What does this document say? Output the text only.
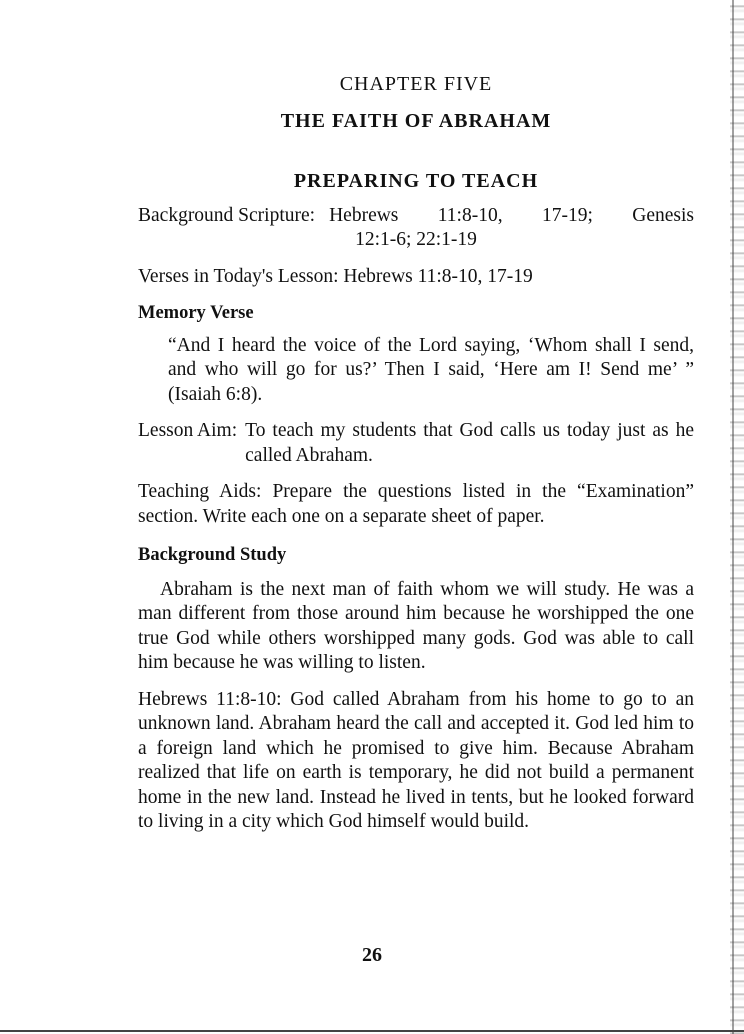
CHAPTER FIVE
THE FAITH OF ABRAHAM
PREPARING TO TEACH
Background Scripture: Hebrews 11:8-10, 17-19; Genesis
12:1-6; 22:1-19
Verses in Today's Lesson: Hebrews 11:8-10, 17-19
Memory Verse
“And I heard the voice of the Lord saying, ‘Whom shall I send, and who will go for us?’ Then I said, ‘Here am I! Send me’ ” (Isaiah 6:8).
Lesson Aim: To teach my students that God calls us today just as he called Abraham.
Teaching Aids: Prepare the questions listed in the “Examination” section. Write each one on a separate sheet of paper.
Background Study
Abraham is the next man of faith whom we will study. He was a man different from those around him because he worshipped the one true God while others worshipped many gods. God was able to call him because he was willing to listen.
Hebrews 11:8-10: God called Abraham from his home to go to an unknown land. Abraham heard the call and accepted it. God led him to a foreign land which he promised to give him. Because Abraham realized that life on earth is temporary, he did not build a permanent home in the new land. Instead he lived in tents, but he looked forward to living in a city which God himself would build.
26
